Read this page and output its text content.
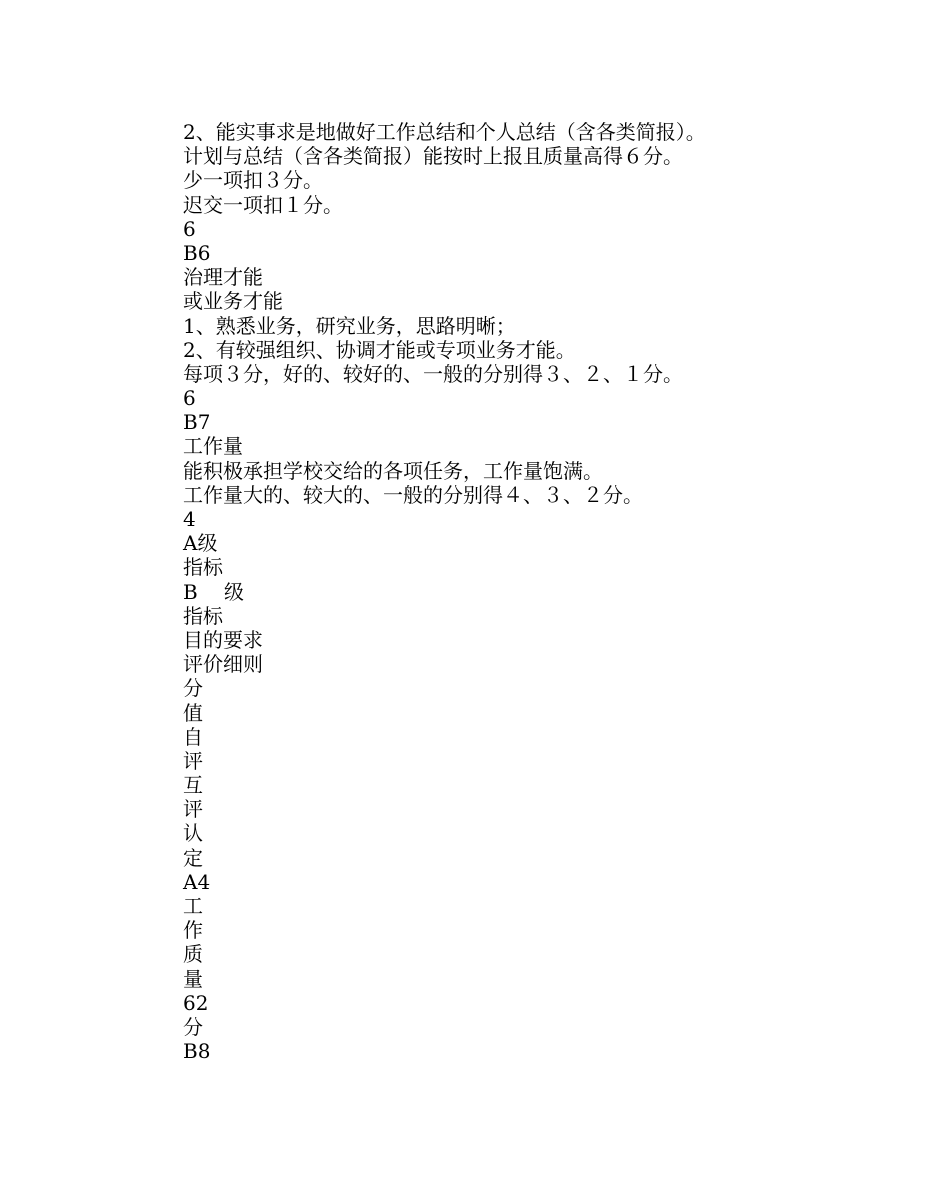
2、能实事求是地做好工作总结和个人总结（含各类简报）。
计划与总结（含各类简报）能按时上报且质量高得６分。
少一项扣３分。
迟交一项扣１分。
6
B6
治理才能
或业务才能
1、熟悉业务，研究业务，思路明晰；
2、有较强组织、协调才能或专项业务才能。
每项３分，好的、较好的、一般的分别得３、２、１分。
6
B7
工作量
能积极承担学校交给的各项任务，工作量饱满。
工作量大的、较大的、一般的分别得４、３、２分。
4
A级
指标
B　 级
指标
目的要求
评价细则
分
值
自
评
互
评
认
定
A4
工
作
质
量
62
分
B8
